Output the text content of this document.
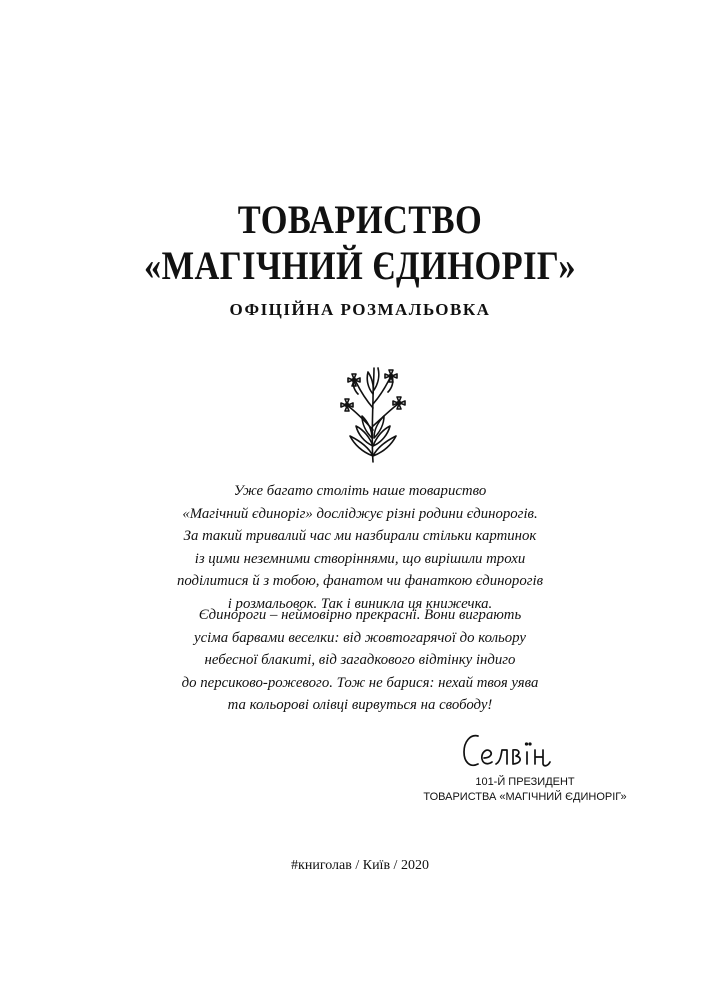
ТОВАРИСТВО
«МАГІЧНИЙ ЄДИНОРІГ»
ОФІЦІЙНА РОЗМАЛЬОВКА
Уже багато століть наше товариство
«Магічний єдиноріг» досліджує різні родини єдинорогів.
За такий тривалий час ми назбирали стільки картинок
із цими неземними створіннями, що вирішили трохи
поділитися й з тобою, фанатом чи фанаткою єдинорогів
і розмальовок. Так і виникла ця книжечка.
Єдинороги – неймовірно прекрасні. Вони виграють
усіма барвами веселки: від жовтогарячої до кольору
небесної блакиті, від загадкового відтінку індиго
до персиково-рожевого. Тож не барися: нехай твоя уява
та кольорові олівці вирвуться на свободу!
101-Й ПРЕЗИДЕНТ
ТОВАРИСТВА «МАГІЧНИЙ ЄДИНОРІГ»
#книголав / Київ / 2020
